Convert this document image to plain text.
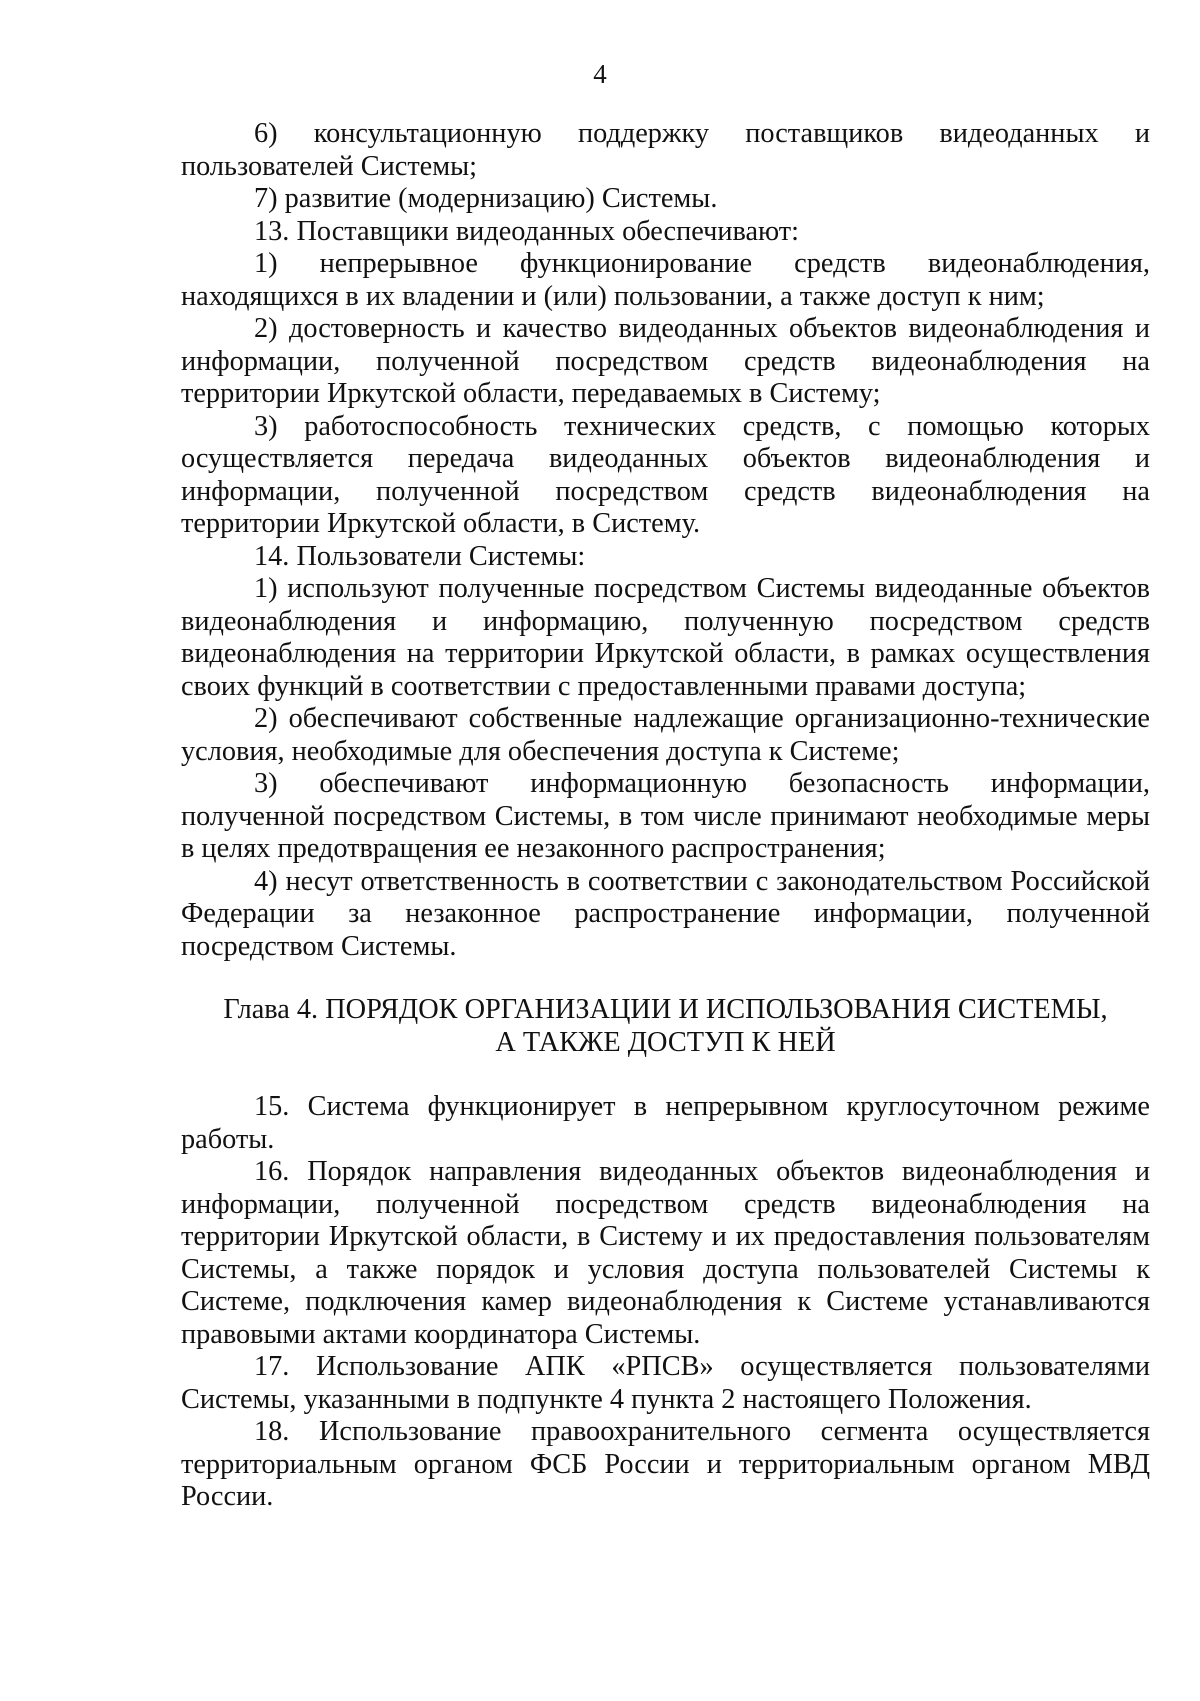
4

6) консультационную поддержку поставщиков видеоданных и пользователей Системы;

7) развитие (модернизацию) Системы.

13. Поставщики видеоданных обеспечивают:

1) непрерывное функционирование средств видеонаблюдения, находящихся в их владении и (или) пользовании, а также доступ к ним;

2) достоверность и качество видеоданных объектов видеонаблюдения и информации, полученной посредством средств видеонаблюдения на территории Иркутской области, передаваемых в Систему;

3) работоспособность технических средств, с помощью которых осуществляется передача видеоданных объектов видеонаблюдения и информации, полученной посредством средств видеонаблюдения на территории Иркутской области, в Систему.

14. Пользователи Системы:

1) используют полученные посредством Системы видеоданные объектов видеонаблюдения и информацию, полученную посредством средств видеонаблюдения на территории Иркутской области, в рамках осуществления своих функций в соответствии с предоставленными правами доступа;

2) обеспечивают собственные надлежащие организационно-технические условия, необходимые для обеспечения доступа к Системе;

3) обеспечивают информационную безопасность информации, полученной посредством Системы, в том числе принимают необходимые меры в целях предотвращения ее незаконного распространения;

4) несут ответственность в соответствии с законодательством Российской Федерации за незаконное распространение информации, полученной посредством Системы.

Глава 4. ПОРЯДОК ОРГАНИЗАЦИИ И ИСПОЛЬЗОВАНИЯ СИСТЕМЫ, А ТАКЖЕ ДОСТУП К НЕЙ

15. Система функционирует в непрерывном круглосуточном режиме работы.

16. Порядок направления видеоданных объектов видеонаблюдения и информации, полученной посредством средств видеонаблюдения на территории Иркутской области, в Систему и их предоставления пользователям Системы, а также порядок и условия доступа пользователей Системы к Системе, подключения камер видеонаблюдения к Системе устанавливаются правовыми актами координатора Системы.

17. Использование АПК «РПСВ» осуществляется пользователями Системы, указанными в подпункте 4 пункта 2 настоящего Положения.

18. Использование правоохранительного сегмента осуществляется территориальным органом ФСБ России и территориальным органом МВД России.
